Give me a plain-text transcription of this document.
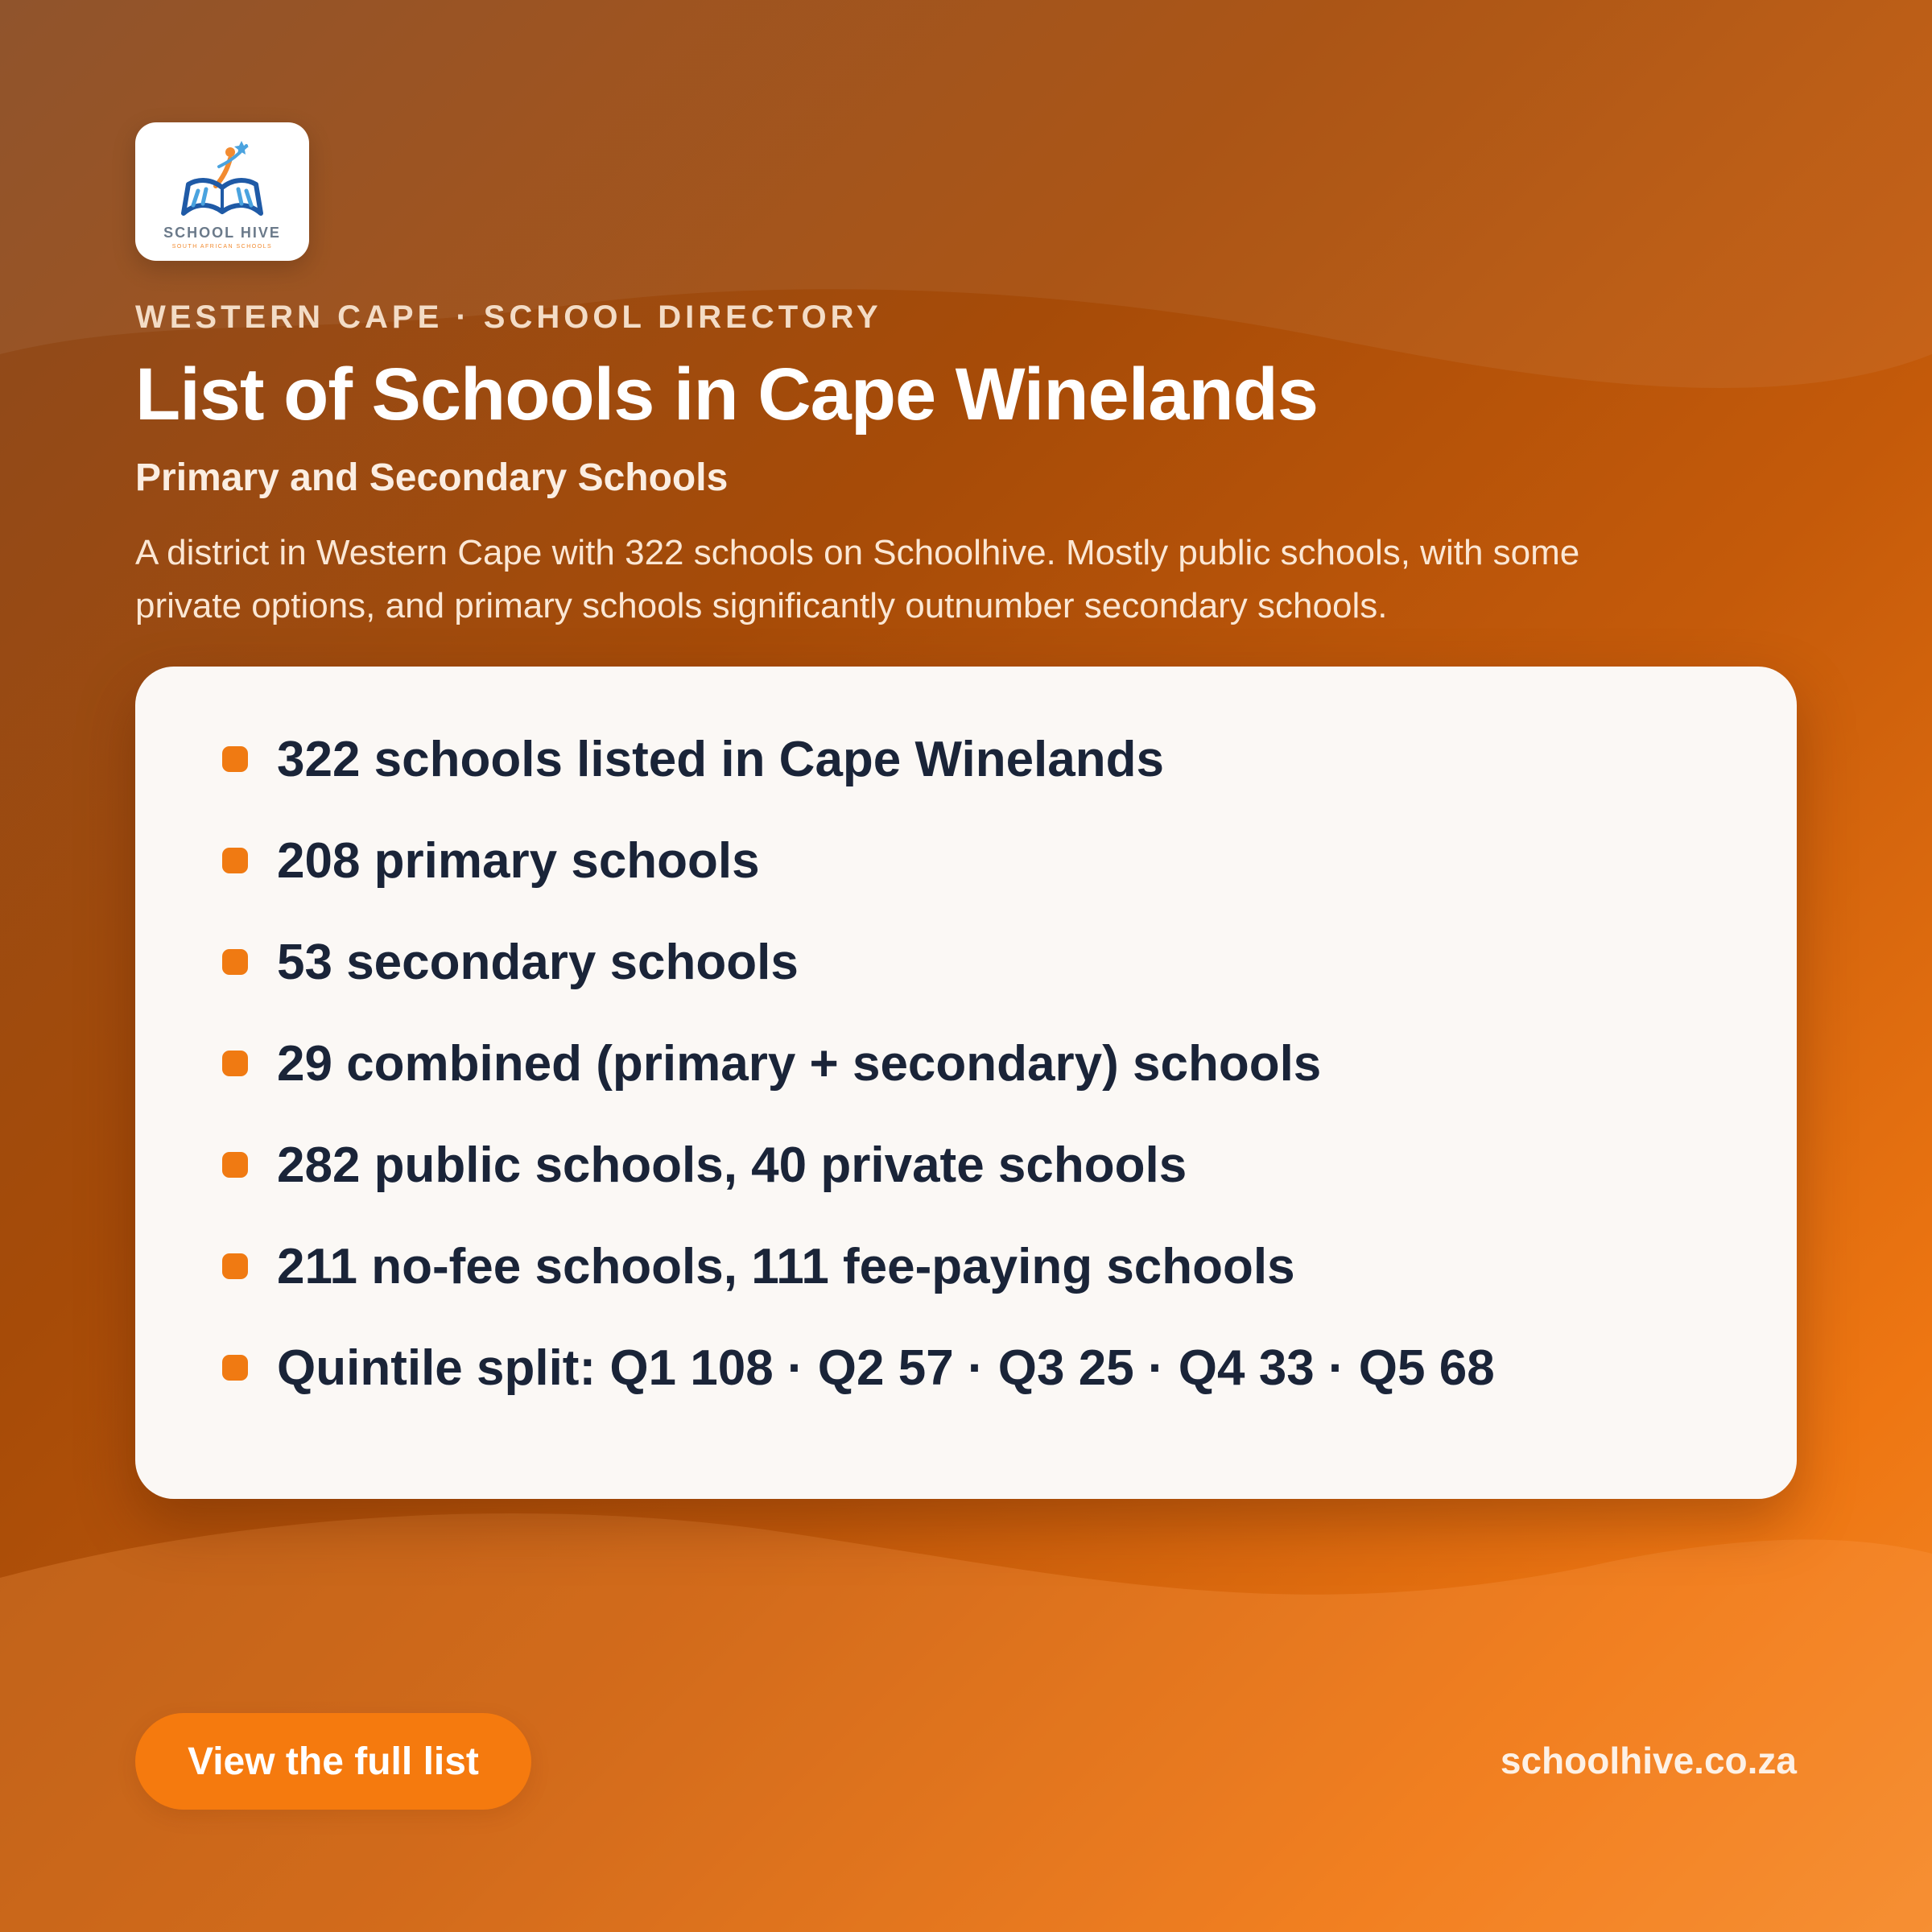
SCHOOL HIVE
SOUTH AFRICAN SCHOOLS
WESTERN CAPE · SCHOOL DIRECTORY
List of Schools in Cape Winelands
Primary and Secondary Schools
A district in Western Cape with 322 schools on Schoolhive. Mostly public schools, with some private options, and primary schools significantly outnumber secondary schools.
322 schools listed in Cape Winelands
208 primary schools
53 secondary schools
29 combined (primary + secondary) schools
282 public schools, 40 private schools
211 no-fee schools, 111 fee-paying schools
Quintile split: Q1 108 · Q2 57 · Q3 25 · Q4 33 · Q5 68
View the full list	schoolhive.co.za
